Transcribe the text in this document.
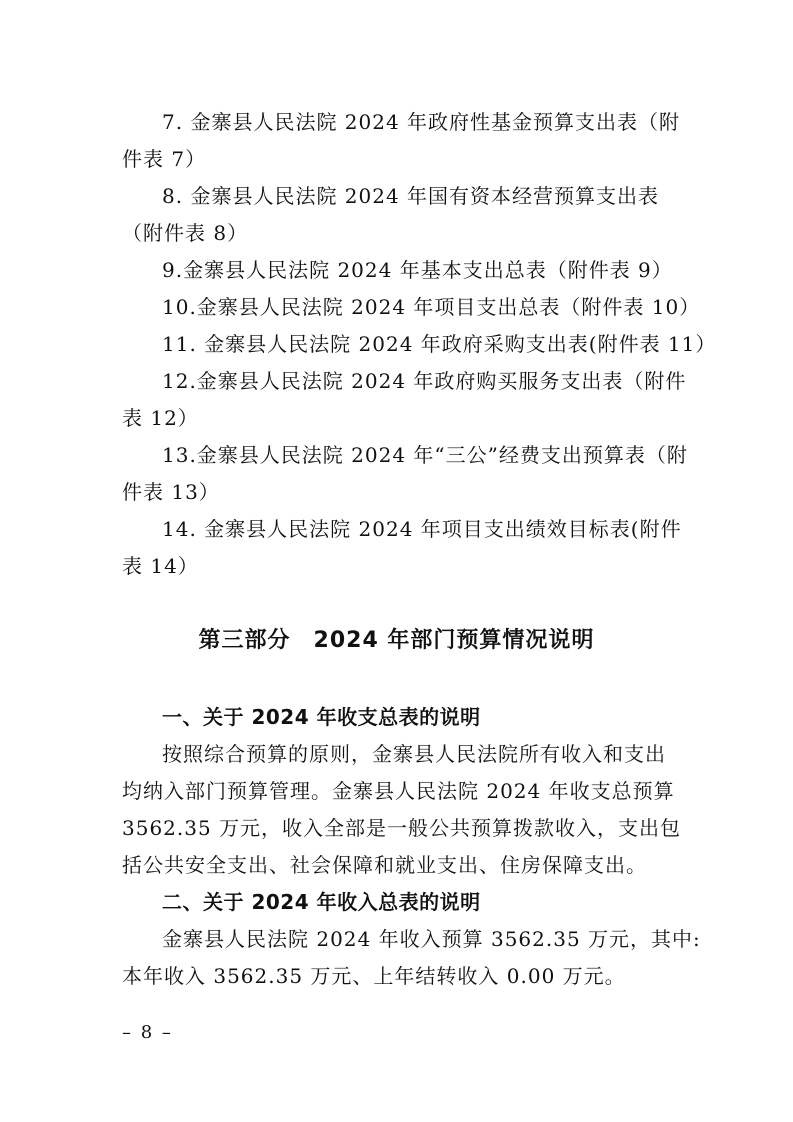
7. 金寨县人民法院 2024 年政府性基金预算支出表（附
件表 7）
8. 金寨县人民法院 2024 年国有资本经营预算支出表
（附件表 8）
9.金寨县人民法院 2024 年基本支出总表（附件表 9）
10.金寨县人民法院 2024 年项目支出总表（附件表 10）
11. 金寨县人民法院 2024 年政府采购支出表(附件表 11）
12.金寨县人民法院 2024 年政府购买服务支出表（附件
表 12）
13.金寨县人民法院 2024 年“三公”经费支出预算表（附
件表 13）
14. 金寨县人民法院 2024 年项目支出绩效目标表(附件
表 14）
第三部分　2024 年部门预算情况说明
一、关于 2024 年收支总表的说明
按照综合预算的原则，金寨县人民法院所有收入和支出
均纳入部门预算管理。金寨县人民法院 2024 年收支总预算
3562.35 万元，收入全部是一般公共预算拨款收入，支出包
括公共安全支出、社会保障和就业支出、住房保障支出。
二、关于 2024 年收入总表的说明
金寨县人民法院 2024 年收入预算 3562.35 万元，其中:
本年收入 3562.35 万元、上年结转收入 0.00 万元。
– 8 –
